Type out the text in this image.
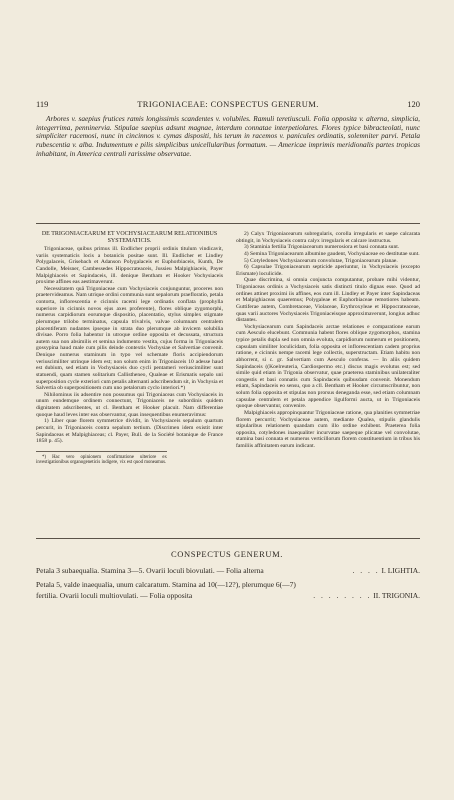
119	TRIGONIACEAE: CONSPECTUS GENERUM.	120
Arbores v. saepius frutices ramis longissimis scandentes v. volubiles. Ramuli teretiusculi. Folia opposita v. alterna, simplicia, integerrima, penninervia. Stipulae saepius adsunt magnae, interdum connatae interpetiolares. Flores typice bibracteolati, nunc simpliciter racemosi, nunc in cincinnos v. cymas dispositi, his terum in racemos v. panicules ordinatis, solemniter parvi. Petala rubescentia v. alba. Indumentum e pilis simplicibus unicellularibus formatum. — Americae imprimis meridionalis partes tropicas inhabitant, in America centrali rarissime observatae.

DE TRIGONIACEARUM ET VOCHYSIACEARUM RELATIONIBUS SYSTEMATICIS.

Trigoniaceae, quibus primus ill. Endlicher proprii ordinis titulum vindicavit, variis systematicis locis a botanicis positae sunt. Ill. Endlicher et Lindley Polygalaceis, Grisebach et Adanson Polygalaceis et Euphorbiaceis, Kunth, De Candolle, Meisner, Cambessedes Hippocrateaceis, Jussieu Malpighiaceis, Payer Malpighiaceis et Sapindaceis, ill. denique Bentham et Hooker Vochysiaceis proxime affines eas aestimaverunt.

Necessitatem quâ Trigoniaceae cum Vochysiaceis conjunguntur, proceres non praetervideamus. Nam utrique ordini communia sunt sepalorum praefloratio, petala contorta, inflorescentia e cicinnis racemi lege ordinatis conflata (prophylla superiore in cicinnis novos ejus axes proferente), flores oblique zygomorphi, numerus carpidiorum eorumque dispositio, placentatio, stylus simplex stigmate plerumque trilobo terminatus, capsula trivalvis, valvae columnam centralem placentiferam nudantes ipseque in strata duo plerumque ab invicem solubilia divisae. Porro folia habentur in utroque ordine opposita et decussata, structura autem sua non absimilis et semina indumento vestita, cujus forma in Trigoniaceis gossypina haud male cum pilis deinde contextis Vochysiae et Salvertiae convenit. Denique numerus staminum in typo vel schemate floris accipiendorum veriuscimiliter utrinque idem est; non solum enim in Trigoniaceis 10 adesse haud est dubium, sed etiam in Vochysiaceis duo cycli pentameri veriuscimiliter sunt statuendi, quam stamen solitarium Callistheneo, Qualeae et Erismatis sepalo uni superposition cycle exteriori cum petalis alternanti adscribendum sit, in Vochysia et Salvertia ob superpositionem cum uno petalorum cyclo interiori.*)

Nihilominus iis adsentire non possumus qui Trigoniaceas cum Vochysiaceis in unum eundemque ordinem connectunt, Trigoniaceis ne subordinis quidem dignitatem adscribentes, ut cl. Bentham et Hooker placuit. Nam differentiae quoque haud leves inter eas observantur, quas insequentibus enumeravimus:

1) Liber quae florem symmetrice dividit, in Vochysiaceis sepalum quartum percurit, in Trigoniaceis contra sepalum tertium. (Discrimen idem existit inter Sapindaceas et Malpighiaceas; cl. Payer, Bull. de la Société botanique de France 1858 p. 45).

*) Hac vero opinionem confirmatione ulteriore ex investigationibus organogeneticis indigere, vix est quod moneamus.

2) Calyx Trigoniacearum subregularis, corolla irregularis et saepe calcarata obtingit, in Vochysiaceis contra calyx irregularis et calcare instructus.

3) Staminia fertilia Trigoniacearum numerosiora et basi connata sunt.

4) Semina Trigoniacearum albumine gaudent, Vochysiaceae eo destitutae sunt.

5) Cotyledones Vochysiacearum convolutae, Trigoniacearum planae.

6) Capsulae Trigoniacearum septicide aperiuntur, in Vochysiaceis (excepto Erismate) loculicide.

Quae discrimina, si omnia conjuncta computantur, probare mihi videntur, Trigoniaceas ordinis a Vochysiaceis satis distincti titulo dignas esse. Quod ad ordines attinet proximi iis affines, eos cum ill. Lindley et Payer inter Sapindaceas et Malpighiaceas quaeremus; Polygaleae et Euphorbiaceae remotiores habeam. Guttiferae autem, Combretaceae, Violaceae, Erythroxyleae et Hippocrateaceae, quas varii auctores Vochysiaceis Trigoniaceisque approximaverunt, longius adhuc distantes.

Vochysiacearum cum Sapindaceis arctae relationes e comparatione earum cum Aesculo elucebunt. Communia habent flores oblique zygomorphos, stamina typice petalis dupla sed non omnia evoluta, carpidiorum numerum et positionem, capsulam similiter loculicidam, folia opposita et inflorescentiam cadem proprius ratione, e cicinnis nempe racemi lege collectis, superstructam. Etiam habitu non abhorrent, si c. gr. Salvertiam cum Aesculo conferas. — In aliis quidem Sapindaceis ((Koelreuteria, Cardiospermo etc.) discus magis evolutus est; sed simile quid etiam in Trigonia observatur, quae praeterea staminibus unilateraliter congestis et basi connatis cum Sapindaceis quibusdam convenit. Monendum etiam, Sapindaceis eo sensu, quo a cll. Bentham et Hooker circumscribuntur, non solum folia opposita et stipulas non prorsus deneganda esse, sed etiam columnam capsulae centralem et petala appendice ligulformi aucta, ut in Trigoniaceis quoque observantur, convenire.

Malpighiaceis appropinquantur Trigoniaceae ratione, qua planities symmetriae florem percurrit; Vochysiaceae autem, mediante Qualea, stipulis glandulis stipularibus relationem quandam cum illo ordine exhibent. Praeterea folia opposita, cotyledones inaequaliter incurvatae saepeque plicatae vel convolutae, stamina basi connata et numerus verticillorum florem constituentium in tribus his familiis affinitatem earum indicant.

CONSPECTUS GENERUM.
Petala 3 subaequalia. Stamina 3—5. Ovarii loculi biovulati. — Folia alterna	. . . . I. LIGHTIA.
Petala 5, valde inaequalia, unum calcaratum. Stamina ad 10(—12?), plerumque 6(—7)
fertilia. Ovarii loculi multiovulati. — Folia opposita	. . . . . . . . II. TRIGONIA.
